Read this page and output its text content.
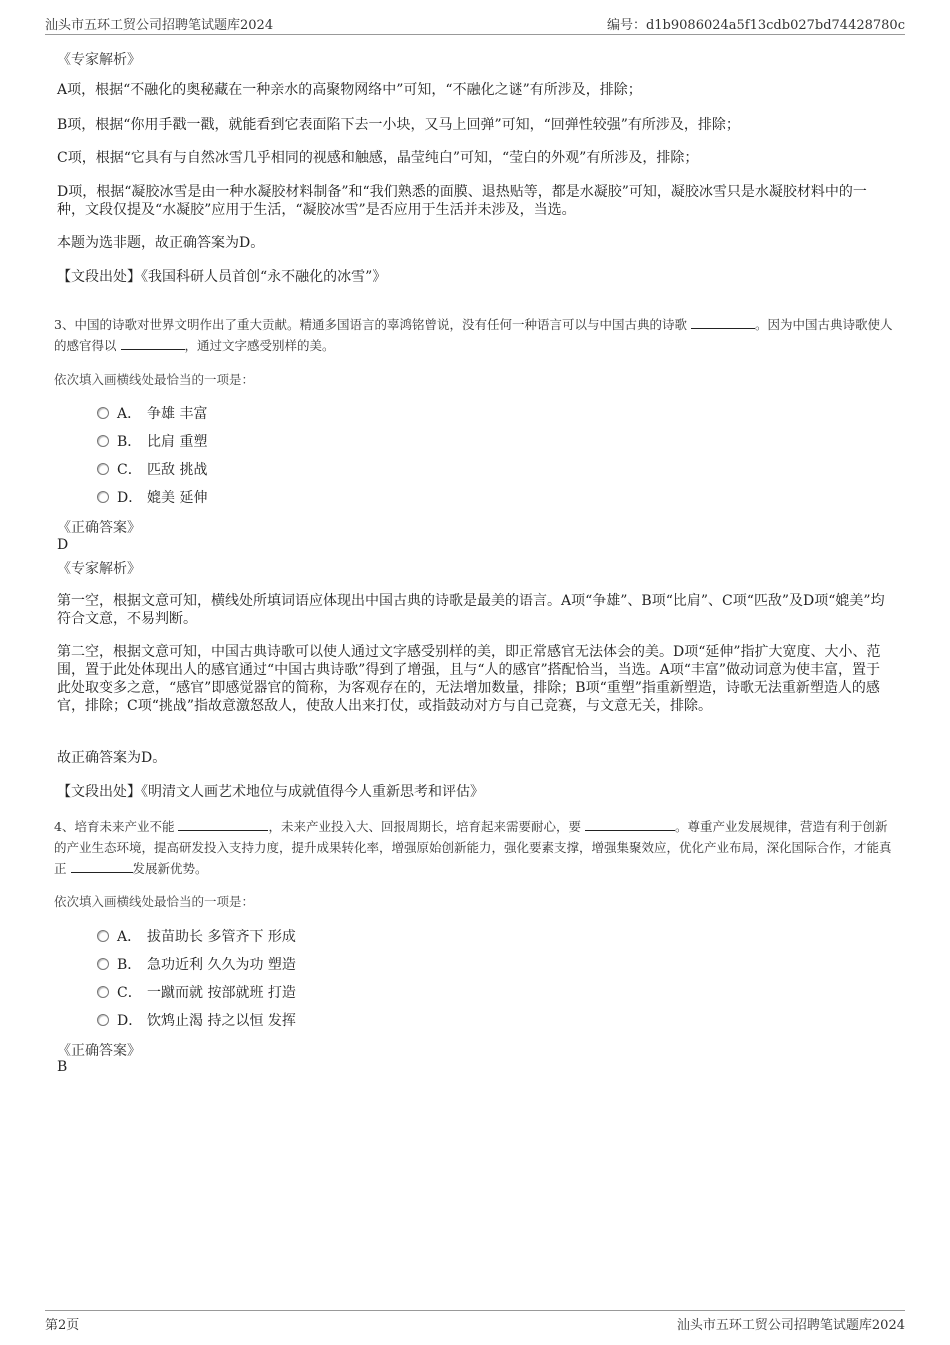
汕头市五环工贸公司招聘笔试题库2024	编号：d1b9086024a5f13cdb027bd74428780c
《专家解析》
A项，根据“不融化的奥秘藏在一种亲水的高聚物网络中”可知，“不融化之谜”有所涉及，排除；
B项，根据“你用手戳一戳，就能看到它表面陷下去一小块，又马上回弹”可知，“回弹性较强”有所涉及，排除；
C项，根据“它具有与自然冰雪几乎相同的视感和触感，晶莹纯白”可知，“莹白的外观”有所涉及，排除；
D项，根据“凝胶冰雪是由一种水凝胶材料制备”和“我们熟悉的面膜、退热贴等，都是水凝胶”可知，凝胶冰雪只是水凝胶材料中的一种，文段仅提及“水凝胶”应用于生活，“凝胶冰雪”是否应用于生活并未涉及，当选。
本题为选非题，故正确答案为D。
【文段出处】《我国科研人员首创“永不融化的冰雪”》
3、中国的诗歌对世界文明作出了重大贡献。精通多国语言的辜鸿铭曾说，没有任何一种语言可以与中国古典的诗歌	。因为中国古典诗歌使人的感官得以	，通过文字感受别样的美。
依次填入画横线处最恰当的一项是：
A． 争雄 丰富
B． 比肩 重塑
C． 匹敌 挑战
D． 媲美 延伸
《正确答案》
D
《专家解析》
第一空，根据文意可知，横线处所填词语应体现出中国古典的诗歌是最美的语言。A项“争雄”、B项“比肩”、C项“匹敌”及D项“媲美”均符合文意，不易判断。
第二空，根据文意可知，中国古典诗歌可以使人通过文字感受别样的美，即正常感官无法体会的美。D项“延伸”指扩大宽度、大小、范围，置于此处体现出人的感官通过“中国古典诗歌”得到了增强，且与“人的感官”搭配恰当，当选。A项“丰富”做动词意为使丰富，置于此处取变多之意，“感官”即感觉器官的简称，为客观存在的，无法增加数量，排除；B项“重塑”指重新塑造，诗歌无法重新塑造人的感官，排除；C项“挑战”指故意激怒敌人，使敌人出来打仗，或指鼓动对方与自己竞赛，与文意无关，排除。
故正确答案为D。
【文段出处】《明清文人画艺术地位与成就值得今人重新思考和评估》
4、培育未来产业不能	，未来产业投入大、回报周期长，培育起来需要耐心，要	。尊重产业发展规律，营造有利于创新的产业生态环境，提高研发投入支持力度，提升成果转化率，增强原始创新能力，强化要素支撑，增强集聚效应，优化产业布局，深化国际合作，才能真正	发展新优势。
依次填入画横线处最恰当的一项是：
A． 拔苗助长 多管齐下 形成
B． 急功近利 久久为功 塑造
C． 一蹴而就 按部就班 打造
D． 饮鸩止渴 持之以恒 发挥
《正确答案》
B
第2页	汕头市五环工贸公司招聘笔试题库2024
